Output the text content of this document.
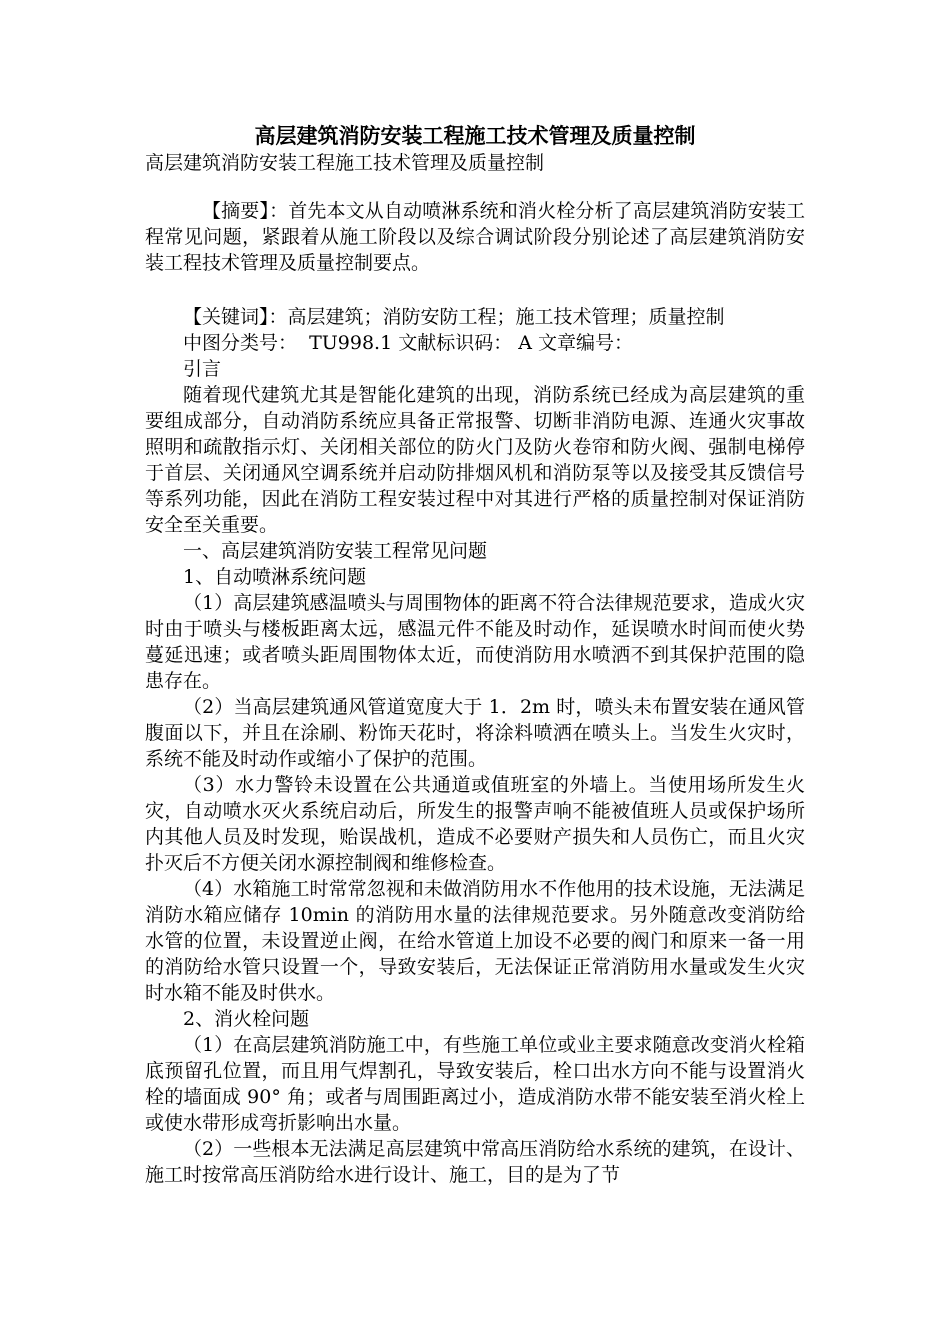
高层建筑消防安装工程施工技术管理及质量控制
高层建筑消防安装工程施工技术管理及质量控制

【摘要】：首先本文从自动喷淋系统和消火栓分析了高层建筑消防安装工程常见问题，紧跟着从施工阶段以及综合调试阶段分别论述了高层建筑消防安装工程技术管理及质量控制要点。

【关键词】：高层建筑；消防安防工程；施工技术管理；质量控制

中图分类号：  TU998.1 文献标识码： A 文章编号：

引言

随着现代建筑尤其是智能化建筑的出现，消防系统已经成为高层建筑的重要组成部分，自动消防系统应具备正常报警、切断非消防电源、连通火灾事故照明和疏散指示灯、关闭相关部位的防火门及防火卷帘和防火阀、强制电梯停于首层、关闭通风空调系统并启动防排烟风机和消防泵等以及接受其反馈信号等系列功能，因此在消防工程安装过程中对其进行严格的质量控制对保证消防安全至关重要。

一、高层建筑消防安装工程常见问题

1、自动喷淋系统问题

（1）高层建筑感温喷头与周围物体的距离不符合法律规范要求，造成火灾时由于喷头与楼板距离太远，感温元件不能及时动作，延误喷水时间而使火势蔓延迅速；或者喷头距周围物体太近，而使消防用水喷洒不到其保护范围的隐患存在。

（2）当高层建筑通风管道宽度大于 1．2m 时，喷头未布置安装在通风管腹面以下，并且在涂刷、粉饰天花时，将涂料喷洒在喷头上。当发生火灾时，系统不能及时动作或缩小了保护的范围。

（3）水力警铃未设置在公共通道或值班室的外墙上。当使用场所发生火灾，自动喷水灭火系统启动后，所发生的报警声响不能被值班人员或保护场所内其他人员及时发现，贻误战机，造成不必要财产损失和人员伤亡，而且火灾扑灭后不方便关闭水源控制阀和维修检查。

（4）水箱施工时常常忽视和未做消防用水不作他用的技术设施，无法满足消防水箱应储存 10min 的消防用水量的法律规范要求。另外随意改变消防给水管的位置，未设置逆止阀，在给水管道上加设不必要的阀门和原来一备一用的消防给水管只设置一个，导致安装后，无法保证正常消防用水量或发生火灾时水箱不能及时供水。

2、消火栓问题

（1）在高层建筑消防施工中，有些施工单位或业主要求随意改变消火栓箱底预留孔位置，而且用气焊割孔，导致安装后，栓口出水方向不能与设置消火栓的墙面成 90° 角；或者与周围距离过小，造成消防水带不能安装至消火栓上或使水带形成弯折影响出水量。

（2）一些根本无法满足高层建筑中常高压消防给水系统的建筑，在设计、施工时按常高压消防给水进行设计、施工，目的是为了节
